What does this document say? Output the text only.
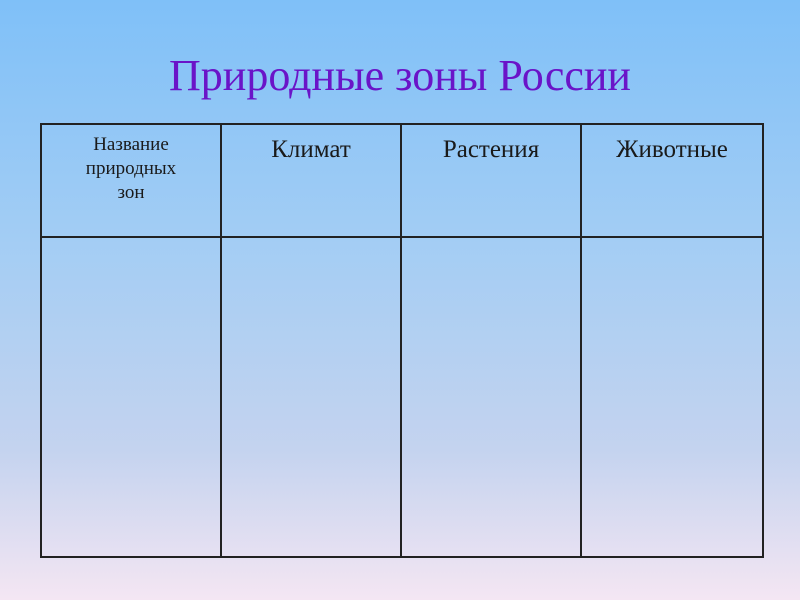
Природные зоны России
Название
природных
зон	Климат	Растения	Животные
